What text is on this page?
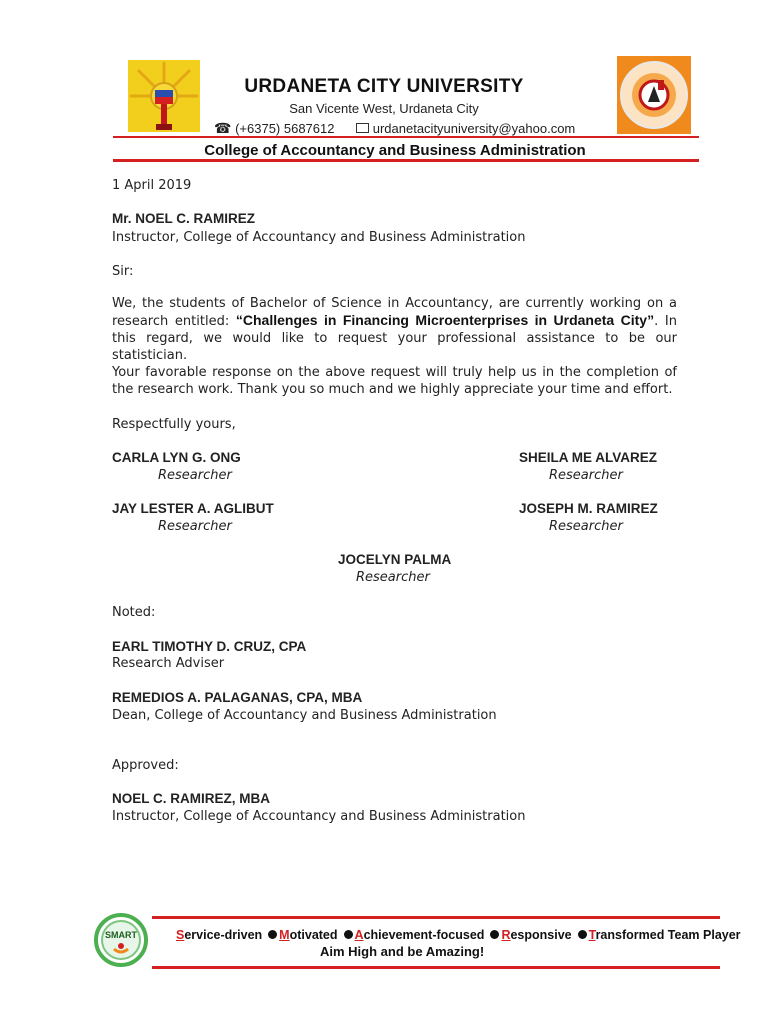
URDANETA CITY UNIVERSITY
San Vicente West, Urdaneta City
☎ (+6375) 5687612	urdanetacityuniversity@yahoo.com
College of Accountancy and Business Administration
1 April 2019
Mr. NOEL C. RAMIREZ
Instructor, College of Accountancy and Business Administration
Sir:
We, the students of Bachelor of Science in Accountancy, are currently working on a research entitled: “Challenges in Financing Microenterprises in Urdaneta City”. In this regard, we would like to request your professional assistance to be our statistician.
Your favorable response on the above request will truly help us in the completion of the research work. Thank you so much and we highly appreciate your time and effort.
Respectfully yours,
CARLA LYN G. ONG
Researcher
SHEILA ME ALVAREZ
Researcher
JAY LESTER A. AGLIBUT
Researcher
JOSEPH M. RAMIREZ
Researcher
JOCELYN PALMA
Researcher
Noted:
EARL TIMOTHY D. CRUZ, CPA
Research Adviser
REMEDIOS A. PALAGANAS, CPA, MBA
Dean, College of Accountancy and Business Administration
Approved:
NOEL C. RAMIREZ, MBA
Instructor, College of Accountancy and Business Administration
SMART	Service-driven Motivated Achievement-focused Responsive Transformed Team Player
Aim High and be Amazing!
